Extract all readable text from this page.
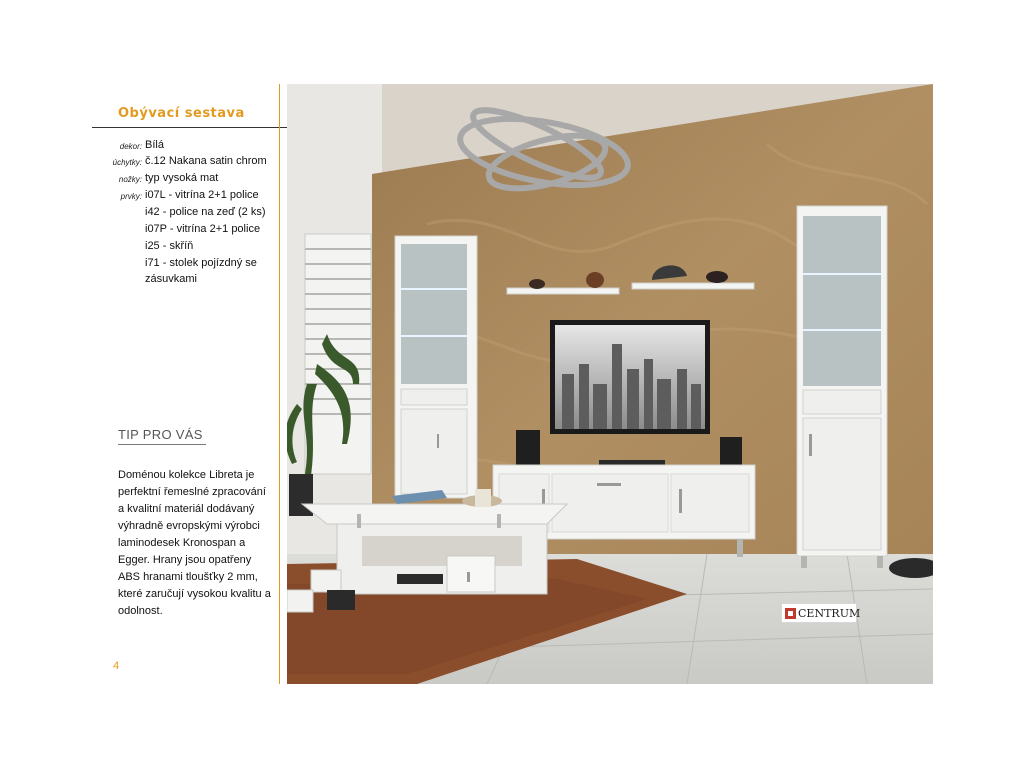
Obývací sestava
dekor: Bílá
úchytky: č.12 Nakana satin chrom
nožky: typ vysoká mat
prvky: i07L - vitrína 2+1 police
i42 - police na zeď (2 ks)
i07P - vitrína 2+1 police
i25 - skříň
i71 - stolek pojízdný se
zásuvkami
TIP PRO VÁS
Doménou kolekce Libreta je
perfektní řemeslné zpracování
a kvalitní materiál dodávaný
výhradně evropskými výrobci
laminodesek Kronospan a
Egger. Hrany jsou opatřeny
ABS hranami tloušťky 2 mm,
které zaručují vysokou kvalitu a
odolnost.
4
CENTRUM
